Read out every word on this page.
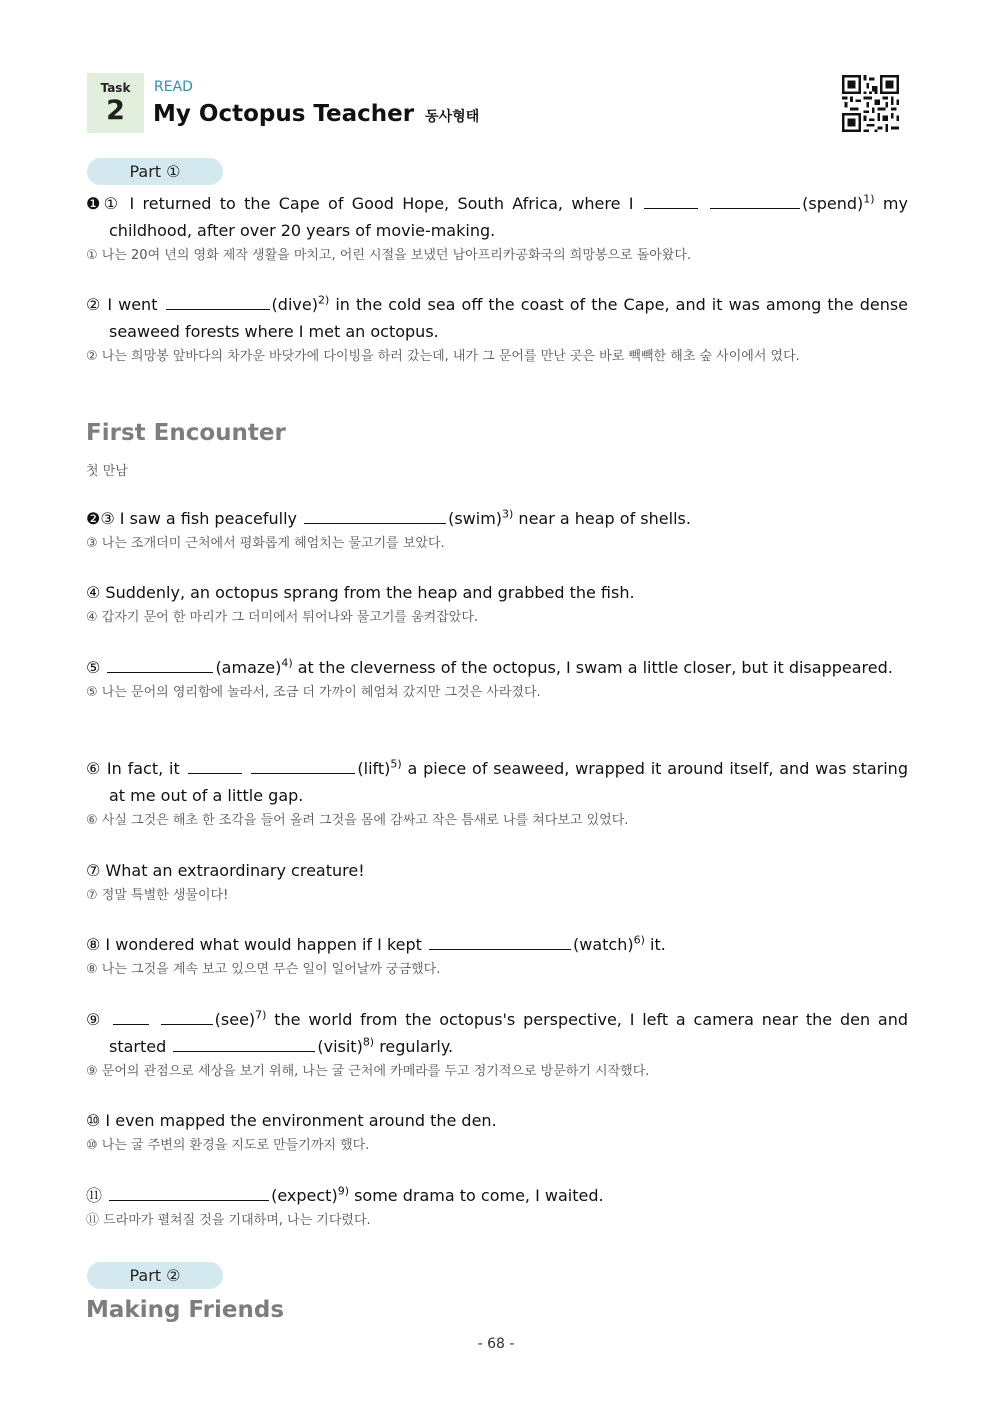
Task
2
READ
My Octopus Teacher 동사형태
Part ①
❶① I returned to the Cape of Good Hope, South Africa, where I	(spend)$^{1)}$ my childhood, after over 20 years of movie-making.
① 나는 20여 년의 영화 제작 생활을 마치고, 어린 시절을 보냈던 남아프리카공화국의 희망봉으로 돌아왔다.
② I went	(dive)$^{2)}$ in the cold sea off the coast of the Cape, and it was among the dense seaweed forests where I met an octopus.
② 나는 희망봉 앞바다의 차가운 바닷가에 다이빙을 하러 갔는데, 내가 그 문어를 만난 곳은 바로 빽빽한 해초 숲 사이에서 였다.
First Encounter
첫 만남
❷③ I saw a fish peacefully	(swim)$^{3)}$ near a heap of shells.
③ 나는 조개더미 근처에서 평화롭게 헤엄치는 물고기를 보았다.
④ Suddenly, an octopus sprang from the heap and grabbed the fish.
④ 갑자기 문어 한 마리가 그 더미에서 튀어나와 물고기를 움켜잡았다.
⑤	(amaze)$^{4)}$ at the cleverness of the octopus, I swam a little closer, but it disappeared.
⑤ 나는 문어의 영리함에 놀라서, 조금 더 가까이 헤엄쳐 갔지만 그것은 사라졌다.
⑥ In fact, it	(lift)$^{5)}$ a piece of seaweed, wrapped it around itself, and was staring at me out of a little gap.
⑥ 사실 그것은 해초 한 조각을 들어 올려 그것을 몸에 감싸고 작은 틈새로 나를 쳐다보고 있었다.
⑦ What an extraordinary creature!
⑦ 정말 특별한 생물이다!
⑧ I wondered what would happen if I kept	(watch)$^{6)}$ it.
⑧ 나는 그것을 계속 보고 있으면 무슨 일이 일어날까 궁금했다.
⑨	(see)$^{7)}$ the world from the octopus's perspective, I left a camera near the den and started	(visit)$^{8)}$ regularly.
⑨ 문어의 관점으로 세상을 보기 위해, 나는 굴 근처에 카메라를 두고 정기적으로 방문하기 시작했다.
⑩ I even mapped the environment around the den.
⑩ 나는 굴 주변의 환경을 지도로 만들기까지 했다.
⑪	(expect)$^{9)}$ some drama to come, I waited.
⑪ 드라마가 펼쳐질 것을 기대하며, 나는 기다렸다.
Part ②
Making Friends
- 68 -
